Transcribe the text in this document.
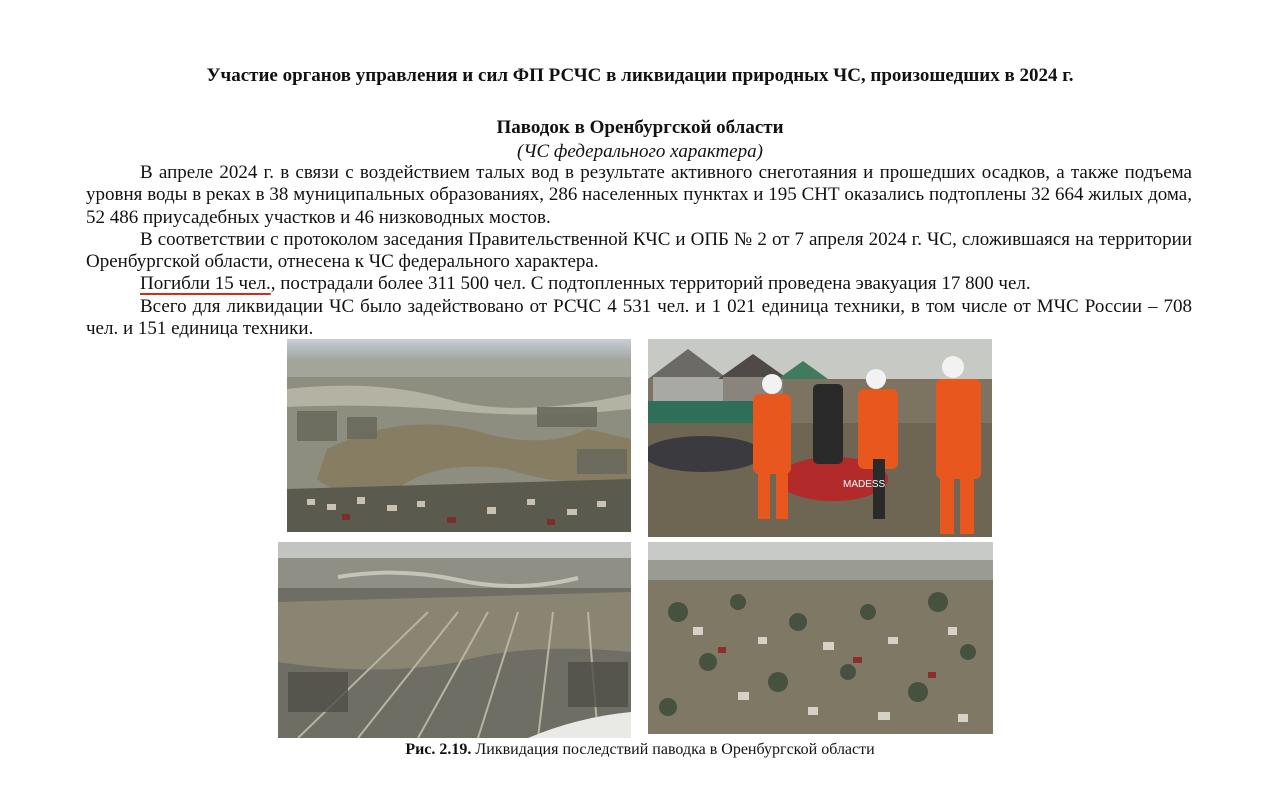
Участие органов управления и сил ФП РСЧС в ликвидации природных ЧС, произошедших в 2024 г.
Паводок в Оренбургской области
(ЧС федерального характера)

В апреле 2024 г. в связи с воздействием талых вод в результате активного снеготаяния и прошедших осадков, а также подъема уровня воды в реках в 38 муниципальных образованиях, 286 населенных пунктах и 195 СНТ оказались подтоплены 32 664 жилых дома, 52 486 приусадебных участков и 46 низководных мостов.

В соответствии с протоколом заседания Правительственной КЧС и ОПБ № 2 от 7 апреля 2024 г. ЧС, сложившаяся на территории Оренбургской области, отнесена к ЧС федерального характера.

Погибли 15 чел., пострадали более 311 500 чел. С подтопленных территорий проведена эвакуация 17 800 чел.

Всего для ликвидации ЧС было задействовано от РСЧС 4 531 чел. и 1 021 единица техники, в том числе от МЧС России – 708 чел. и 151 единица техники.

MADESS
Рис. 2.19. Ликвидация последствий паводка в Оренбургской области
